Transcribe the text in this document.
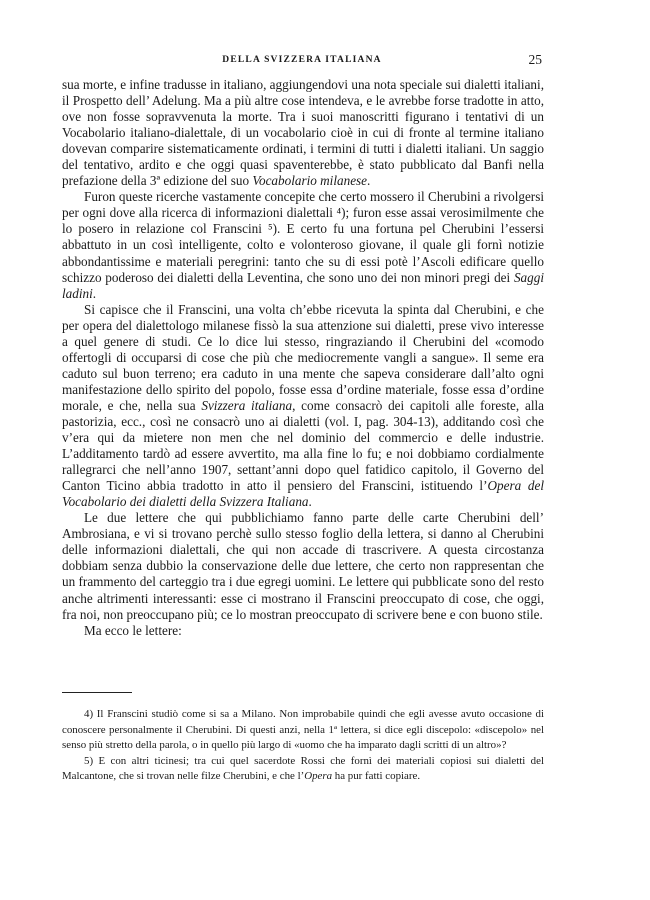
DELLA SVIZZERA ITALIANA	25

sua morte, e infine tradusse in italiano, aggiungendovi una nota speciale sui dialetti italiani, il Prospetto dell’ Adelung. Ma a più altre cose intendeva, e le avrebbe forse tradotte in atto, ove non fosse sopravvenuta la morte. Tra i suoi manoscritti figurano i tentativi di un Vocabolario italiano-dialettale, di un vocabolario cioè in cui di fronte al termine italiano dovevan comparire sistematicamente ordinati, i termini di tutti i dialetti italiani. Un saggio del tentativo, ardito e che oggi quasi spaventerebbe, è stato pubblicato dal Banfi nella prefazione della 3ª edizione del suo Vocabolario milanese.

Furon queste ricerche vastamente concepite che certo mossero il Cherubini a rivolgersi per ogni dove alla ricerca di informazioni dialettali ⁴); furon esse assai verosimilmente che lo posero in relazione col Franscini ⁵). E certo fu una fortuna pel Cherubini l’essersi abbattuto in un così intelligente, colto e volonteroso giovane, il quale gli fornì notizie abbondantissime e materiali peregrini: tanto che su di essi potè l’Ascoli edificare quello schizzo poderoso dei dialetti della Leventina, che sono uno dei non minori pregi dei Saggi ladini.

Si capisce che il Franscini, una volta ch’ebbe ricevuta la spinta dal Cherubini, e che per opera del dialettologo milanese fissò la sua attenzione sui dialetti, prese vivo interesse a quel genere di studi. Ce lo dice lui stesso, ringraziando il Cherubini del «comodo offertogli di occuparsi di cose che più che mediocremente vangli a sangue». Il seme era caduto sul buon terreno; era caduto in una mente che sapeva considerare dall’alto ogni manifestazione dello spirito del popolo, fosse essa d’ordine materiale, fosse essa d’ordine morale, e che, nella sua Svizzera italiana, come consacrò dei capitoli alle foreste, alla pastorizia, ecc., così ne consacrò uno ai dialetti (vol. I, pag. 304-13), additando così che v’era qui da mietere non men che nel dominio del commercio e delle industrie. L’additamento tardò ad essere avvertito, ma alla fine lo fu; e noi dobbiamo cordialmente rallegrarci che nell’anno 1907, settant’anni dopo quel fatidico capitolo, il Governo del Canton Ticino abbia tradotto in atto il pensiero del Franscini, istituendo l’Opera del Vocabolario dei dialetti della Svizzera Italiana.

Le due lettere che qui pubblichiamo fanno parte delle carte Cherubini dell’ Ambrosiana, e vi si trovano perchè sullo stesso foglio della lettera, si danno al Cherubini delle informazioni dialettali, che qui non accade di trascrivere. A questa circostanza dobbiam senza dubbio la conservazione delle due lettere, che certo non rappresentan che un frammento del carteggio tra i due egregi uomini. Le lettere qui pubblicate sono del resto anche altrimenti interessanti: esse ci mostrano il Franscini preoccupato di cose, che oggi, fra noi, non preoccupano più; ce lo mostran preoccupato di scrivere bene e con buono stile.

Ma ecco le lettere:

4) Il Franscini studiò come si sa a Milano. Non improbabile quindi che egli avesse avuto occasione di conoscere personalmente il Cherubini. Di questi anzi, nella 1ª lettera, si dice egli discepolo: «discepolo» nel senso più stretto della parola, o in quello più largo di «uomo che ha imparato dagli scritti di un altro»?

5) E con altri ticinesi; tra cui quel sacerdote Rossi che fornì dei materiali copiosi sui dialetti del Malcantone, che si trovan nelle filze Cherubini, e che l’Opera ha pur fatti copiare.
